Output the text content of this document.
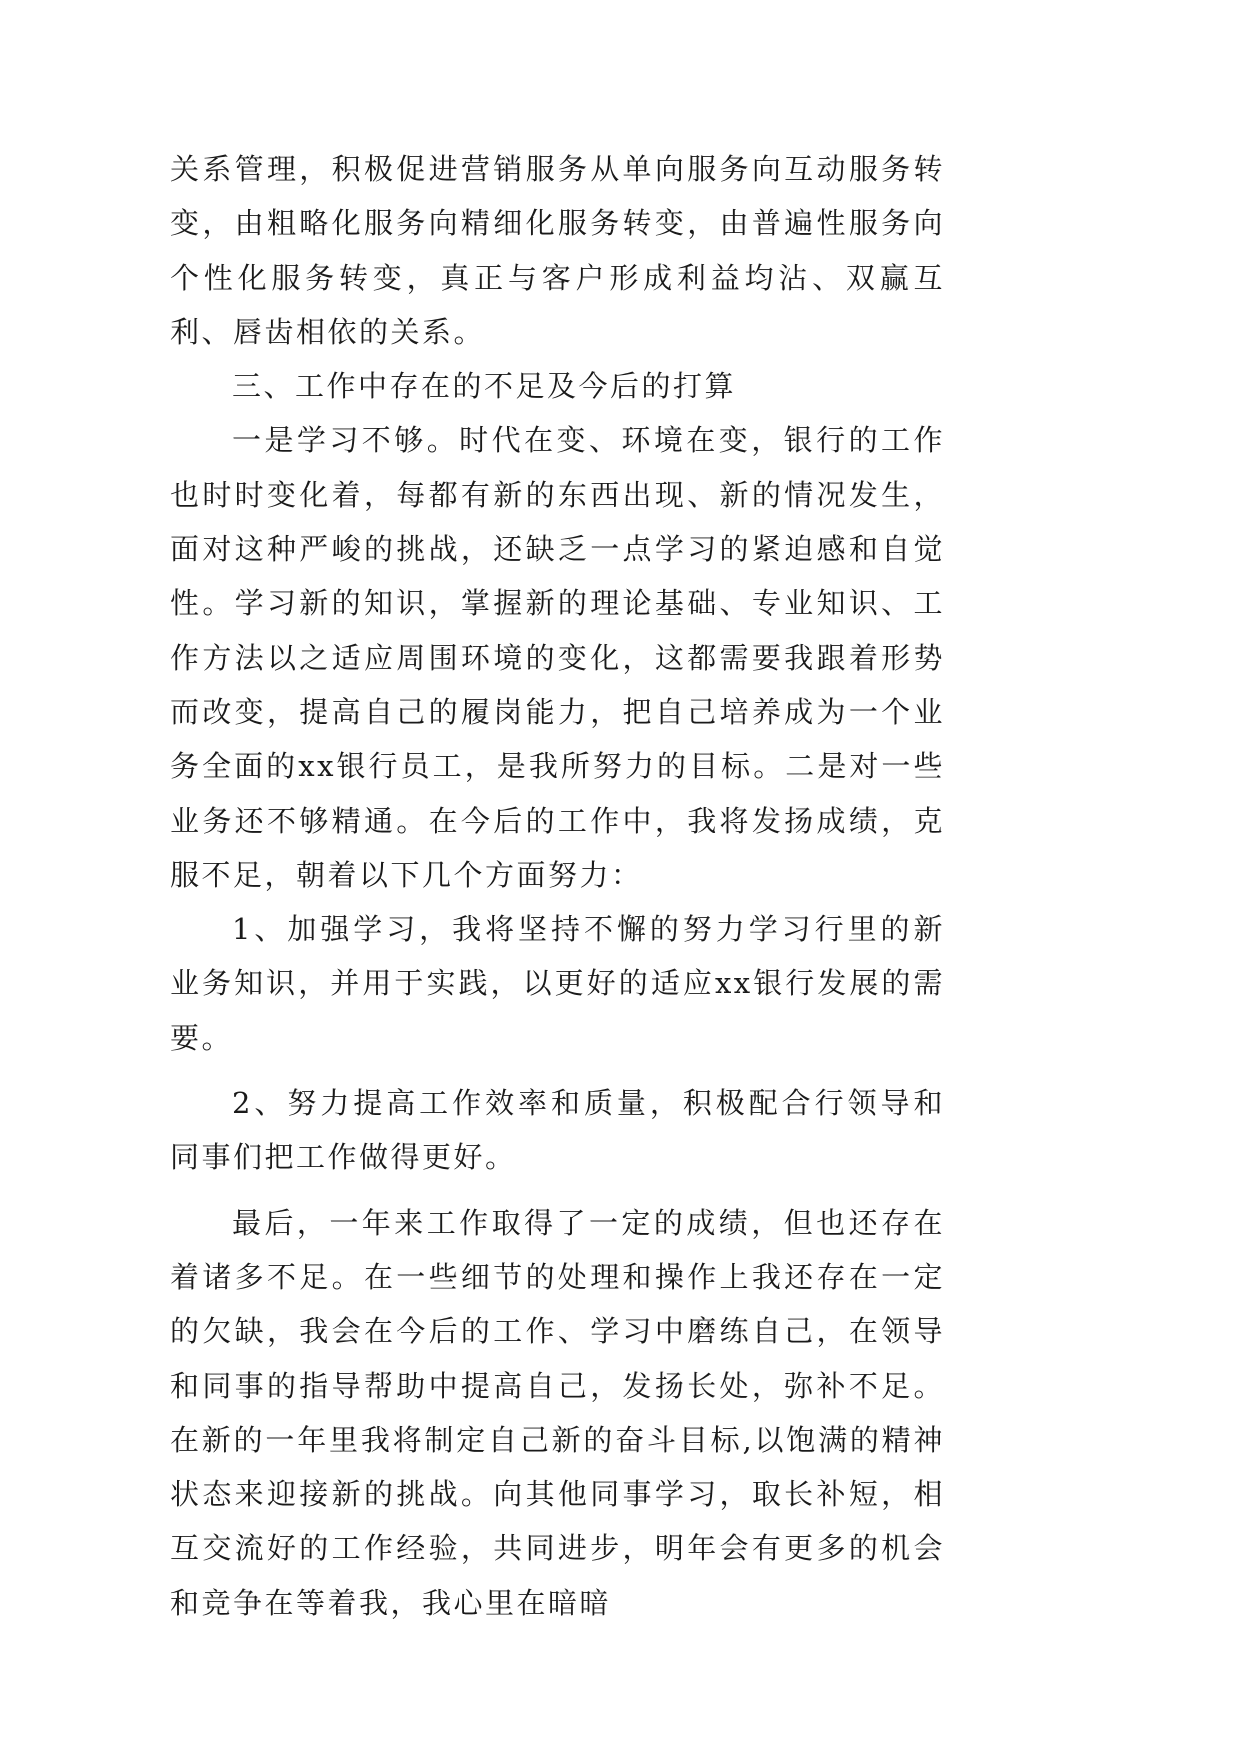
关系管理，积极促进营销服务从单向服务向互动服务转变，由粗略化服务向精细化服务转变，由普遍性服务向个性化服务转变，真正与客户形成利益均沾、双赢互利、唇齿相依的关系。

三、工作中存在的不足及今后的打算

一是学习不够。时代在变、环境在变，银行的工作也时时变化着，每都有新的东西出现、新的情况发生，面对这种严峻的挑战，还缺乏一点学习的紧迫感和自觉性。学习新的知识，掌握新的理论基础、专业知识、工作方法以之适应周围环境的变化，这都需要我跟着形势而改变，提高自己的履岗能力，把自己培养成为一个业务全面的xx银行员工，是我所努力的目标。二是对一些业务还不够精通。在今后的工作中，我将发扬成绩，克服不足，朝着以下几个方面努力：

1、加强学习，我将坚持不懈的努力学习行里的新业务知识，并用于实践，以更好的适应xx银行发展的需要。

2、努力提高工作效率和质量，积极配合行领导和同事们把工作做得更好。

最后，一年来工作取得了一定的成绩，但也还存在着诸多不足。在一些细节的处理和操作上我还存在一定的欠缺，我会在今后的工作、学习中磨练自己，在领导和同事的指导帮助中提高自己，发扬长处，弥补不足。在新的一年里我将制定自己新的奋斗目标,以饱满的精神状态来迎接新的挑战。向其他同事学习，取长补短，相互交流好的工作经验，共同进步，明年会有更多的机会和竞争在等着我，我心里在暗暗
